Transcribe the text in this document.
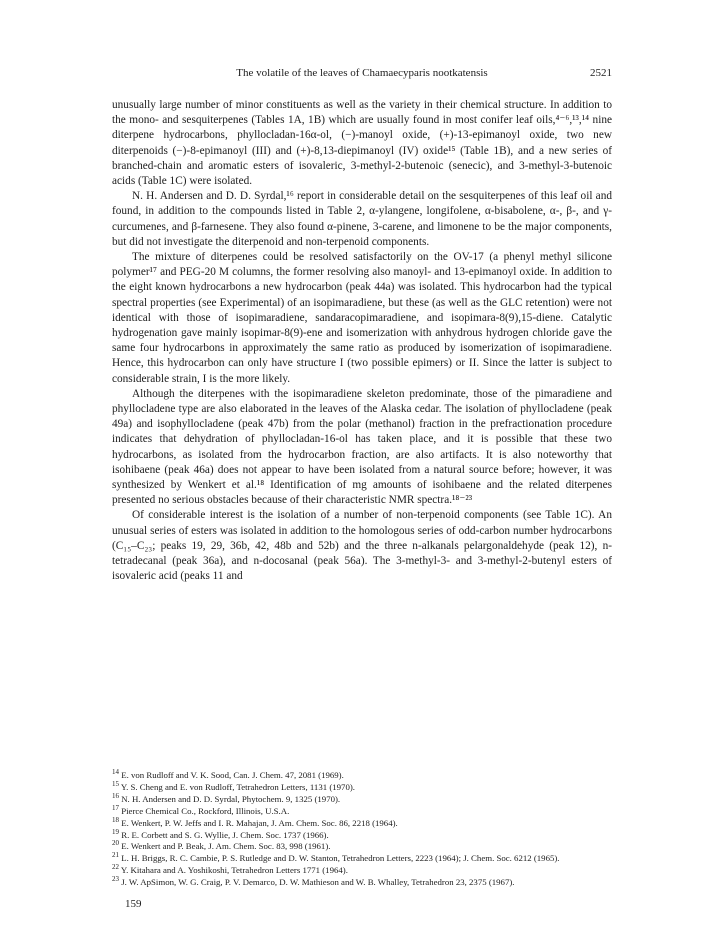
The volatile of the leaves of Chamaecyparis nootkatensis	2521

unusually large number of minor constituents as well as the variety in their chemical structure. In addition to the mono- and sesquiterpenes (Tables 1A, 1B) which are usually found in most conifer leaf oils,⁴⁻⁶,¹³,¹⁴ nine diterpene hydrocarbons, phyllocladan-16α-ol, (−)-manoyl oxide, (+)-13-epimanoyl oxide, two new diterpenoids (−)-8-epimanoyl (III) and (+)-8,13-diepimanoyl (IV) oxide¹⁵ (Table 1B), and a new series of branched-chain and aromatic esters of isovaleric, 3-methyl-2-butenoic (senecic), and 3-methyl-3-butenoic acids (Table 1C) were isolated.

N. H. Andersen and D. D. Syrdal,¹⁶ report in considerable detail on the sesquiterpenes of this leaf oil and found, in addition to the compounds listed in Table 2, α-ylangene, longifolene, α-bisabolene, α-, β-, and γ-curcumenes, and β-farnesene. They also found α-pinene, 3-carene, and limonene to be the major components, but did not investigate the diterpenoid and non-terpenoid components.

The mixture of diterpenes could be resolved satisfactorily on the OV-17 (a phenyl methyl silicone polymer¹⁷ and PEG-20 M columns, the former resolving also manoyl- and 13-epimanoyl oxide. In addition to the eight known hydrocarbons a new hydrocarbon (peak 44a) was isolated. This hydrocarbon had the typical spectral properties (see Experimental) of an isopimaradiene, but these (as well as the GLC retention) were not identical with those of isopimaradiene, sandaracopimaradiene, and isopimara-8(9),15-diene. Catalytic hydrogenation gave mainly isopimar-8(9)-ene and isomerization with anhydrous hydrogen chloride gave the same four hydrocarbons in approximately the same ratio as produced by isomerization of isopimaradiene. Hence, this hydrocarbon can only have structure I (two possible epimers) or II. Since the latter is subject to considerable strain, I is the more likely.

Although the diterpenes with the isopimaradiene skeleton predominate, those of the pimaradiene and phyllocladene type are also elaborated in the leaves of the Alaska cedar. The isolation of phyllocladene (peak 49a) and isophyllocladene (peak 47b) from the polar (methanol) fraction in the prefractionation procedure indicates that dehydration of phyllocladan-16-ol has taken place, and it is possible that these two hydrocarbons, as isolated from the hydrocarbon fraction, are also artifacts. It is also noteworthy that isohibaene (peak 46a) does not appear to have been isolated from a natural source before; however, it was synthesized by Wenkert et al.¹⁸ Identification of mg amounts of isohibaene and the related diterpenes presented no serious obstacles because of their characteristic NMR spectra.¹⁸⁻²³

Of considerable interest is the isolation of a number of non-terpenoid components (see Table 1C). An unusual series of esters was isolated in addition to the homologous series of odd-carbon number hydrocarbons (C₁₅–C₂₃; peaks 19, 29, 36b, 42, 48b and 52b) and the three n-alkanals pelargonaldehyde (peak 12), n-tetradecanal (peak 36a), and n-docosanal (peak 56a). The 3-methyl-3- and 3-methyl-2-butenyl esters of isovaleric acid (peaks 11 and

$^{14}$ E. von Rudloff and V. K. Sood, Can. J. Chem. 47, 2081 (1969).

$^{15}$ Y. S. Cheng and E. von Rudloff, Tetrahedron Letters, 1131 (1970).

$^{16}$ N. H. Andersen and D. D. Syrdal, Phytochem. 9, 1325 (1970).

$^{17}$ Pierce Chemical Co., Rockford, Illinois, U.S.A.

$^{18}$ E. Wenkert, P. W. Jeffs and I. R. Mahajan, J. Am. Chem. Soc. 86, 2218 (1964).

$^{19}$ R. E. Corbett and S. G. Wyllie, J. Chem. Soc. 1737 (1966).

$^{20}$ E. Wenkert and P. Beak, J. Am. Chem. Soc. 83, 998 (1961).

$^{21}$ L. H. Briggs, R. C. Cambie, P. S. Rutledge and D. W. Stanton, Tetrahedron Letters, 2223 (1964); J. Chem. Soc. 6212 (1965).

$^{22}$ Y. Kitahara and A. Yoshikoshi, Tetrahedron Letters 1771 (1964).

$^{23}$ J. W. ApSimon, W. G. Craig, P. V. Demarco, D. W. Mathieson and W. B. Whalley, Tetrahedron 23, 2375 (1967).

159
